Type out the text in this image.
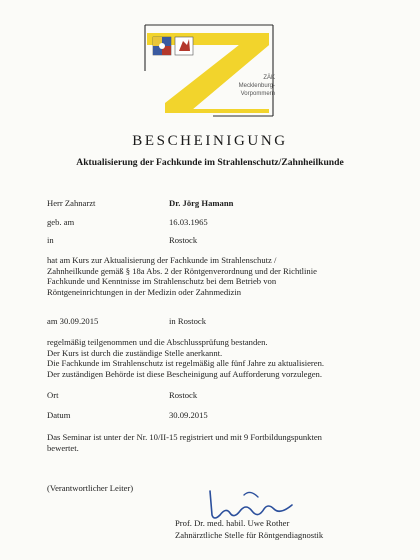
ZÄK
Mecklenburg-
Vorpommern
BESCHEINIGUNG
Aktualisierung der Fachkunde im Strahlenschutz/Zahnheilkunde
Herr Zahnarzt	Dr. Jörg Hamann
geb. am	16.03.1965
in	Rostock
hat am Kurs zur Aktualisierung der Fachkunde im Strahlenschutz /
Zahnheilkunde gemäß § 18a Abs. 2 der Röntgenverordnung und der Richtlinie
Fachkunde und Kenntnisse im Strahlenschutz bei dem Betrieb von
Röntgeneinrichtungen in der Medizin oder Zahnmedizin
am 30.09.2015	in Rostock
regelmäßig teilgenommen und die Abschlussprüfung bestanden.
Der Kurs ist durch die zuständige Stelle anerkannt.
Die Fachkunde im Strahlenschutz ist regelmäßig alle fünf Jahre zu aktualisieren.
Der zuständigen Behörde ist diese Bescheinigung auf Aufforderung vorzulegen.
Ort	Rostock
Datum	30.09.2015
Das Seminar ist unter der Nr. 10/II-15 registriert und mit 9 Fortbildungspunkten
bewertet.
(Verantwortlicher Leiter)
Prof. Dr. med. habil. Uwe Rother
Zahnärztliche Stelle für Röntgendiagnostik
